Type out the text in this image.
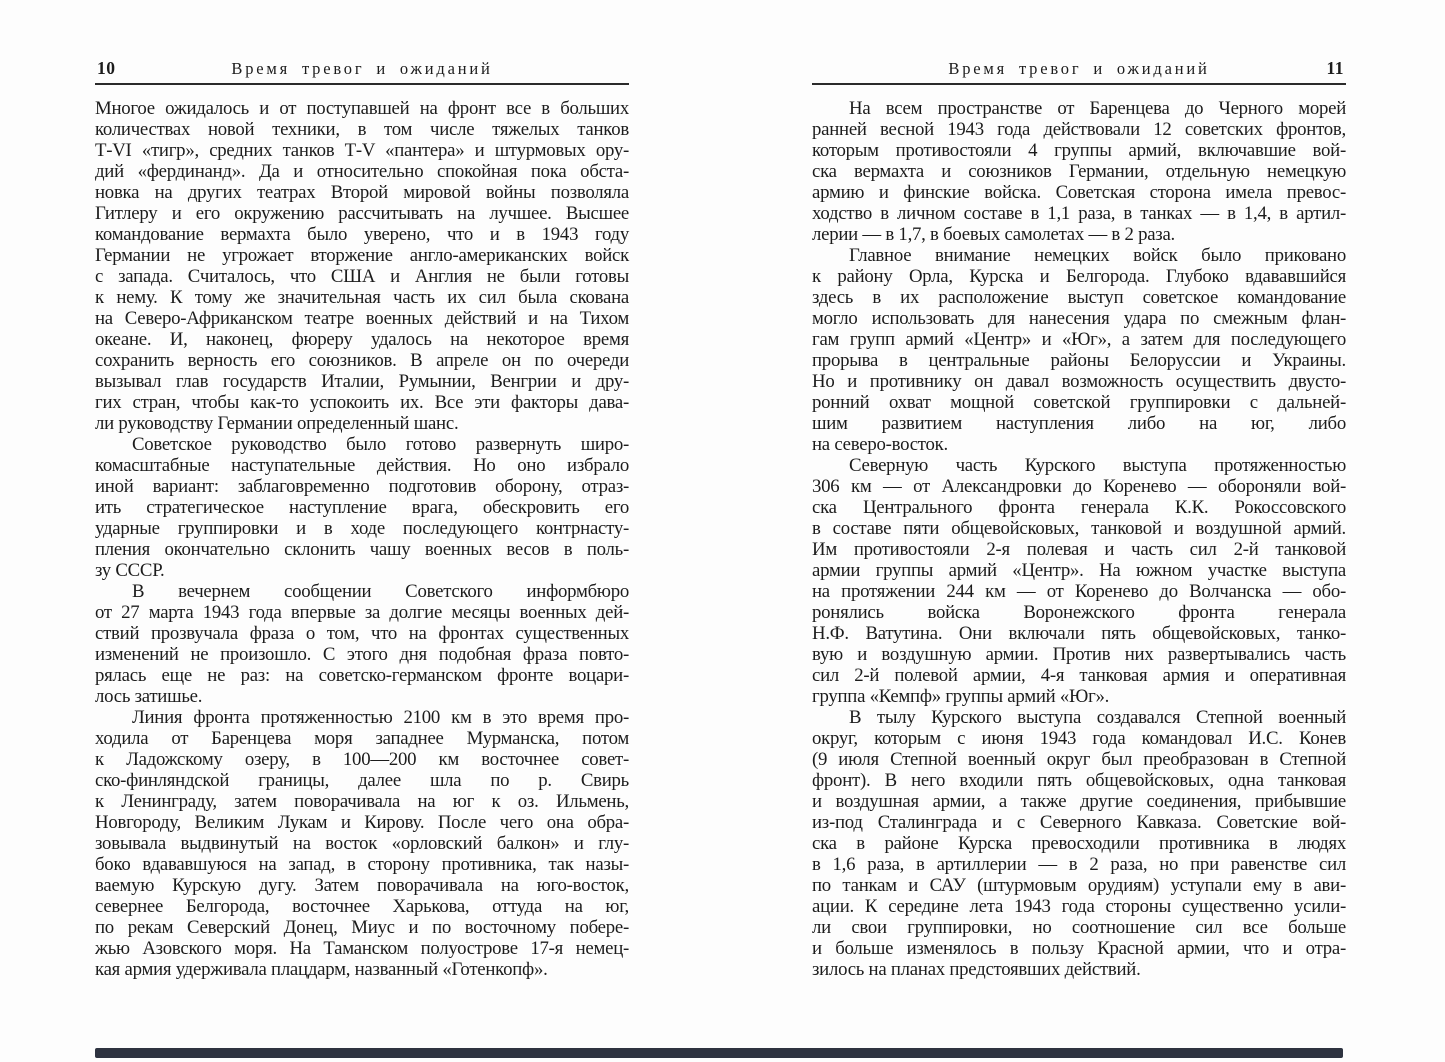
10	Время тревог и ожиданий
Многое ожидалось и от поступавшей на фронт все в больших
количествах новой техники, в том числе тяжелых танков
Т-VI «тигр», средних танков Т-V «пантера» и штурмовых ору-
дий «фердинанд». Да и относительно спокойная пока обста-
новка на других театрах Второй мировой войны позволяла
Гитлеру и его окружению рассчитывать на лучшее. Высшее
командование вермахта было уверено, что и в 1943 году
Германии не угрожает вторжение англо-американских войск
с запада. Считалось, что США и Англия не были готовы
к нему. К тому же значительная часть их сил была скована
на Северо-Африканском театре военных действий и на Тихом
океане. И, наконец, фюреру удалось на некоторое время
сохранить верность его союзников. В апреле он по очереди
вызывал глав государств Италии, Румынии, Венгрии и дру-
гих стран, чтобы как-то успокоить их. Все эти факторы дава-
ли руководству Германии определенный шанс.
Советское руководство было готово развернуть широ-
комасштабные наступательные действия. Но оно избрало
иной вариант: заблаговременно подготовив оборону, отраз-
ить стратегическое наступление врага, обескровить его
ударные группировки и в ходе последующего контрнасту-
пления окончательно склонить чашу военных весов в поль-
зу СССР.
В вечернем сообщении Советского информбюро
от 27 марта 1943 года впервые за долгие месяцы военных дей-
ствий прозвучала фраза о том, что на фронтах существенных
изменений не произошло. С этого дня подобная фраза повто-
рялась еще не раз: на советско-германском фронте воцари-
лось затишье.
Линия фронта протяженностью 2100 км в это время про-
ходила от Баренцева моря западнее Мурманска, потом
к Ладожскому озеру, в 100—200 км восточнее совет-
ско-финляндской границы, далее шла по р. Свирь
к Ленинграду, затем поворачивала на юг к оз. Ильмень,
Новгороду, Великим Лукам и Кирову. После чего она обра-
зовывала выдвинутый на восток «орловский балкон» и глу-
боко вдававшуюся на запад, в сторону противника, так назы-
ваемую Курскую дугу. Затем поворачивала на юго-восток,
севернее Белгорода, восточнее Харькова, оттуда на юг,
по рекам Северский Донец, Миус и по восточному побере-
жью Азовского моря. На Таманском полуострове 17-я немец-
кая армия удерживала плацдарм, названный «Готенкопф».
Время тревог и ожиданий	11
На всем пространстве от Баренцева до Черного морей
ранней весной 1943 года действовали 12 советских фронтов,
которым противостояли 4 группы армий, включавшие вой-
ска вермахта и союзников Германии, отдельную немецкую
армию и финские войска. Советская сторона имела превос-
ходство в личном составе в 1,1 раза, в танках — в 1,4, в артил-
лерии — в 1,7, в боевых самолетах — в 2 раза.
Главное внимание немецких войск было приковано
к району Орла, Курска и Белгорода. Глубоко вдававшийся
здесь в их расположение выступ советское командование
могло использовать для нанесения удара по смежным флан-
гам групп армий «Центр» и «Юг», а затем для последующего
прорыва в центральные районы Белоруссии и Украины.
Но и противнику он давал возможность осуществить двусто-
ронний охват мощной советской группировки с дальней-
шим развитием наступления либо на юг, либо
на северо-восток.
Северную часть Курского выступа протяженностью
306 км — от Александровки до Коренево — обороняли вой-
ска Центрального фронта генерала К.К. Рокоссовского
в составе пяти общевойсковых, танковой и воздушной армий.
Им противостояли 2-я полевая и часть сил 2-й танковой
армии группы армий «Центр». На южном участке выступа
на протяжении 244 км — от Коренево до Волчанска — обо-
ронялись войска Воронежского фронта генерала
Н.Ф. Ватутина. Они включали пять общевойсковых, танко-
вую и воздушную армии. Против них развертывались часть
сил 2-й полевой армии, 4-я танковая армия и оперативная
группа «Кемпф» группы армий «Юг».
В тылу Курского выступа создавался Степной военный
округ, которым с июня 1943 года командовал И.С. Конев
(9 июля Степной военный округ был преобразован в Степной
фронт). В него входили пять общевойсковых, одна танковая
и воздушная армии, а также другие соединения, прибывшие
из-под Сталинграда и с Северного Кавказа. Советские вой-
ска в районе Курска превосходили противника в людях
в 1,6 раза, в артиллерии — в 2 раза, но при равенстве сил
по танкам и САУ (штурмовым орудиям) уступали ему в ави-
ации. К середине лета 1943 года стороны существенно усили-
ли свои группировки, но соотношение сил все больше
и больше изменялось в пользу Красной армии, что и отра-
зилось на планах предстоявших действий.
